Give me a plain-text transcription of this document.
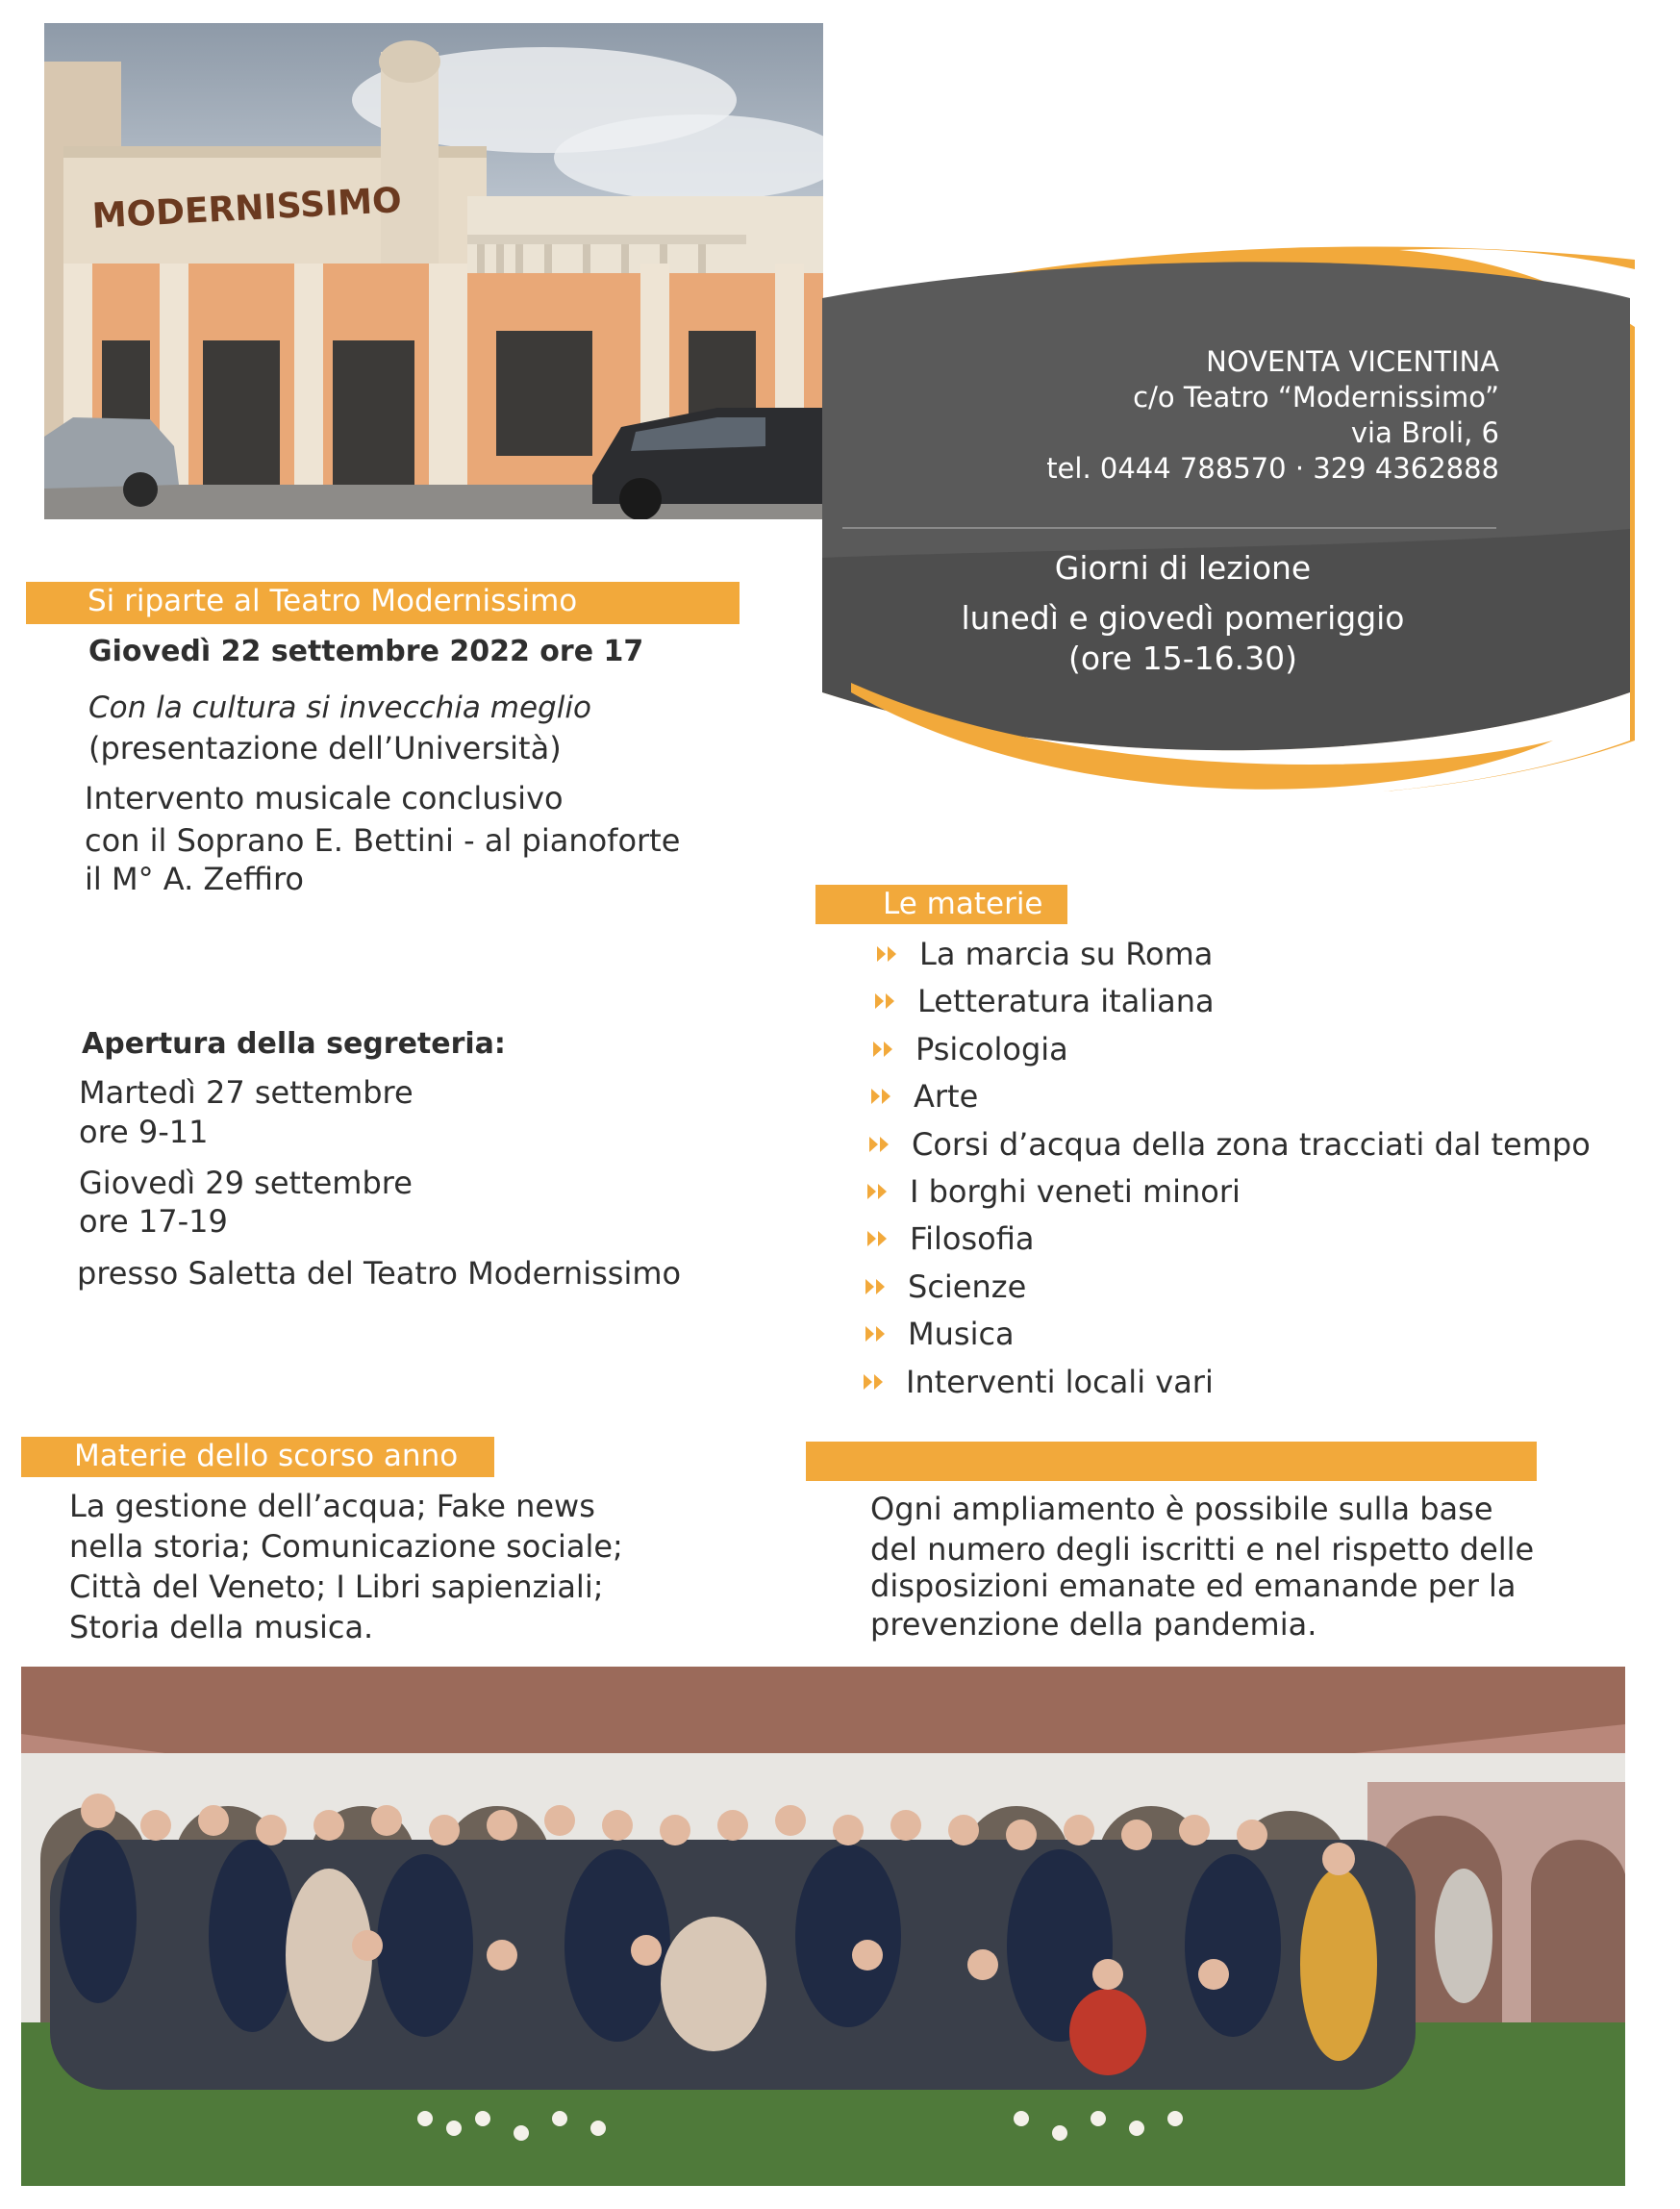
MODERNISSIMO
NOVENTA VICENTINA
c/o Teatro “Modernissimo”
via Broli, 6
tel. 0444 788570 · 329 4362888
Giorni di lezione
lunedì e giovedì pomeriggio
(ore 15-16.30)
Si riparte al Teatro Modernissimo
Giovedì 22 settembre 2022 ore 17
Con la cultura si invecchia meglio
(presentazione dell’Università)
Intervento musicale conclusivo
con il Soprano E. Bettini - al pianoforte
il M° A. Zeffiro
Apertura della segreteria:
Martedì 27 settembre
ore 9-11
Giovedì 29 settembre
ore 17-19
presso Saletta del Teatro Modernissimo
Le materie
La marcia su Roma
Letteratura italiana
Psicologia
Arte
Corsi d’acqua della zona tracciati dal tempo
I borghi veneti minori
Filosofia
Scienze
Musica
Interventi locali vari
Materie dello scorso anno
La gestione dell’acqua; Fake news
nella storia; Comunicazione sociale;
Città del Veneto; I Libri sapienziali;
Storia della musica.
Ogni ampliamento è possibile sulla base
del numero degli iscritti e nel rispetto delle
disposizioni emanate ed emanande per la
prevenzione della pandemia.
